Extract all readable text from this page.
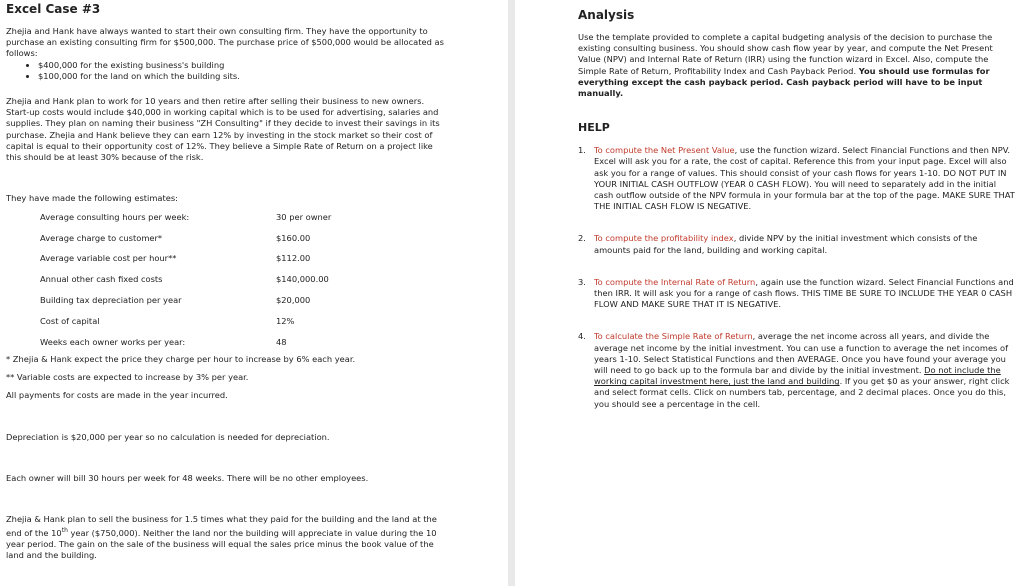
Excel Case #3

Zhejia and Hank have always wanted to start their own consulting firm. They have the opportunity to purchase an existing consulting firm for $500,000. The purchase price of $500,000 would be allocated as follows:

• $400,000 for the existing business's building
• $100,000 for the land on which the building sits.

Zhejia and Hank plan to work for 10 years and then retire after selling their business to new owners. Start-up costs would include $40,000 in working capital which is to be used for advertising, salaries and supplies. They plan on naming their business "ZH Consulting" if they decide to invest their savings in its purchase. Zhejia and Hank believe they can earn 12% by investing in the stock market so their cost of capital is equal to their opportunity cost of 12%. They believe a Simple Rate of Return on a project like this should be at least 30% because of the risk.

They have made the following estimates:

Average consulting hours per week:	30 per owner
Average charge to customer*	$160.00
Average variable cost per hour**	$112.00
Annual other cash fixed costs	$140,000.00
Building tax depreciation per year	$20,000
Cost of capital	12%
Weeks each owner works per year:	48

* Zhejia & Hank expect the price they charge per hour to increase by 6% each year.

** Variable costs are expected to increase by 3% per year.

All payments for costs are made in the year incurred.

Depreciation is $20,000 per year so no calculation is needed for depreciation.

Each owner will bill 30 hours per week for 48 weeks. There will be no other employees.

Zhejia & Hank plan to sell the business for 1.5 times what they paid for the building and the land at the end of the 10th year ($750,000). Neither the land nor the building will appreciate in value during the 10 year period. The gain on the sale of the business will equal the sales price minus the book value of the land and the building.

Analysis

Use the template provided to complete a capital budgeting analysis of the decision to purchase the existing consulting business. You should show cash flow year by year, and compute the Net Present Value (NPV) and Internal Rate of Return (IRR) using the function wizard in Excel. Also, compute the Simple Rate of Return, Profitability Index and Cash Payback Period. You should use formulas for everything except the cash payback period. Cash payback period will have to be input manually.

HELP
1. To compute the Net Present Value, use the function wizard. Select Financial Functions and then NPV. Excel will ask you for a rate, the cost of capital. Reference this from your input page. Excel will also ask you for a range of values. This should consist of your cash flows for years 1-10. DO NOT PUT IN YOUR INITIAL CASH OUTFLOW (YEAR 0 CASH FLOW). You will need to separately add in the initial cash outflow outside of the NPV formula in your formula bar at the top of the page. MAKE SURE THAT THE INITIAL CASH FLOW IS NEGATIVE.

2. To compute the profitability index, divide NPV by the initial investment which consists of the amounts paid for the land, building and working capital.

3. To compute the Internal Rate of Return, again use the function wizard. Select Financial Functions and then IRR. It will ask you for a range of cash flows. THIS TIME BE SURE TO INCLUDE THE YEAR 0 CASH FLOW AND MAKE SURE THAT IT IS NEGATIVE.

4. To calculate the Simple Rate of Return, average the net income across all years, and divide the average net income by the initial investment. You can use a function to average the net incomes of years 1-10. Select Statistical Functions and then AVERAGE. Once you have found your average you will need to go back up to the formula bar and divide by the initial investment. Do not include the working capital investment here, just the land and building. If you get $0 as your answer, right click and select format cells. Click on numbers tab, percentage, and 2 decimal places. Once you do this, you should see a percentage in the cell.
